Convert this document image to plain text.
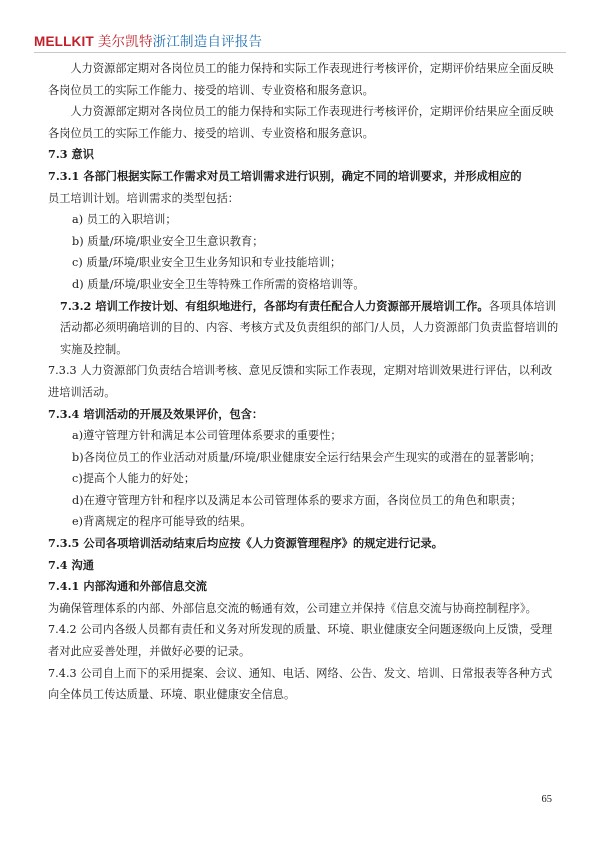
MELLKIT 美尔凯特浙江制造自评报告

人力资源部定期对各岗位员工的能力保持和实际工作表现进行考核评价，定期评价结果应全面反映各岗位员工的实际工作能力、接受的培训、专业资格和服务意识。

人力资源部定期对各岗位员工的能力保持和实际工作表现进行考核评价，定期评价结果应全面反映各岗位员工的实际工作能力、接受的培训、专业资格和服务意识。

7.3 意识

7.3.1 各部门根据实际工作需求对员工培训需求进行识别，确定不同的培训要求，并形成相应的

员工培训计划。培训需求的类型包括：

a) 员工的入职培训；

b) 质量/环境/职业安全卫生意识教育；

c) 质量/环境/职业安全卫生业务知识和专业技能培训；

d) 质量/环境/职业安全卫生等特殊工作所需的资格培训等。

7.3.2 培训工作按计划、有组织地进行，各部均有责任配合人力资源部开展培训工作。各项具体培训活动都必须明确培训的目的、内容、考核方式及负责组织的部门/人员，人力资源部门负责监督培训的实施及控制。

7.3.3 人力资源部门负责结合培训考核、意见反馈和实际工作表现，定期对培训效果进行评估，以利改进培训活动。

7.3.4 培训活动的开展及效果评价，包含：

a)遵守管理方针和满足本公司管理体系要求的重要性；

b)各岗位员工的作业活动对质量/环境/职业健康安全运行结果会产生现实的或潜在的显著影响；

c)提高个人能力的好处；

d)在遵守管理方针和程序以及满足本公司管理体系的要求方面，各岗位员工的角色和职责；

e)背离规定的程序可能导致的结果。

7.3.5 公司各项培训活动结束后均应按《人力资源管理程序》的规定进行记录。

7.4 沟通

7.4.1 内部沟通和外部信息交流

为确保管理体系的内部、外部信息交流的畅通有效，公司建立并保持《信息交流与协商控制程序》。

7.4.2 公司内各级人员都有责任和义务对所发现的质量、环境、职业健康安全问题逐级向上反馈，受理者对此应妥善处理，并做好必要的记录。

7.4.3 公司自上而下的采用提案、会议、通知、电话、网络、公告、发文、培训、日常报表等各种方式向全体员工传达质量、环境、职业健康安全信息。

65
